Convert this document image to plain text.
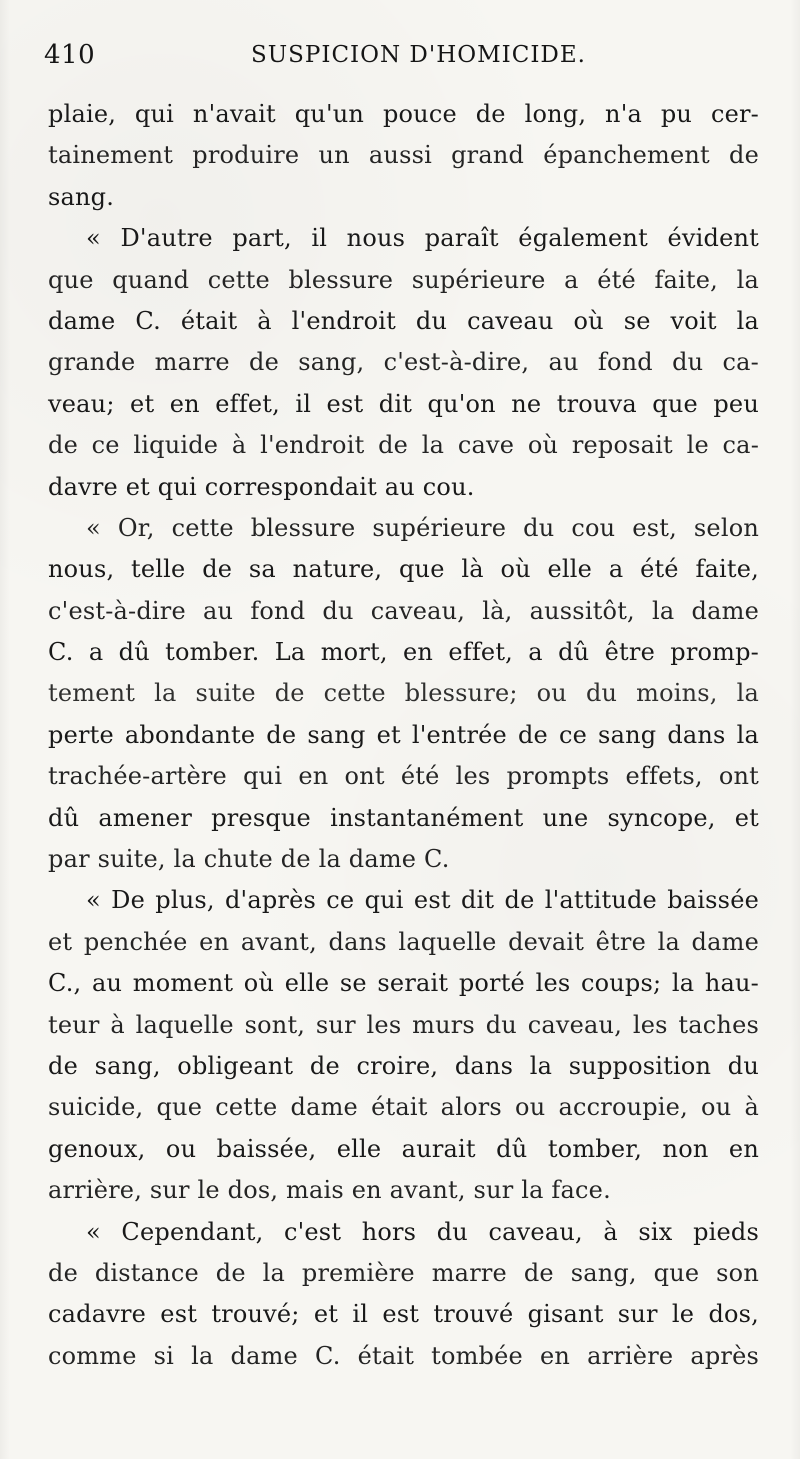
410	SUSPICION D'HOMICIDE.
plaie, qui n'avait qu'un pouce de long, n'a pu cer-
tainement produire un aussi grand épanchement de
sang.
« D'autre part, il nous paraît également évident
que quand cette blessure supérieure a été faite, la
dame C. était à l'endroit du caveau où se voit la
grande marre de sang, c'est-à-dire, au fond du ca-
veau; et en effet, il est dit qu'on ne trouva que peu
de ce liquide à l'endroit de la cave où reposait le ca-
davre et qui correspondait au cou.
« Or, cette blessure supérieure du cou est, selon
nous, telle de sa nature, que là où elle a été faite,
c'est-à-dire au fond du caveau, là, aussitôt, la dame
C. a dû tomber. La mort, en effet, a dû être promp-
tement la suite de cette blessure; ou du moins, la
perte abondante de sang et l'entrée de ce sang dans la
trachée-artère qui en ont été les prompts effets, ont
dû amener presque instantanément une syncope, et
par suite, la chute de la dame C.
« De plus, d'après ce qui est dit de l'attitude baissée
et penchée en avant, dans laquelle devait être la dame
C., au moment où elle se serait porté les coups; la hau-
teur à laquelle sont, sur les murs du caveau, les taches
de sang, obligeant de croire, dans la supposition du
suicide, que cette dame était alors ou accroupie, ou à
genoux, ou baissée, elle aurait dû tomber, non en
arrière, sur le dos, mais en avant, sur la face.
« Cependant, c'est hors du caveau, à six pieds
de distance de la première marre de sang, que son
cadavre est trouvé; et il est trouvé gisant sur le dos,
comme si la dame C. était tombée en arrière après
